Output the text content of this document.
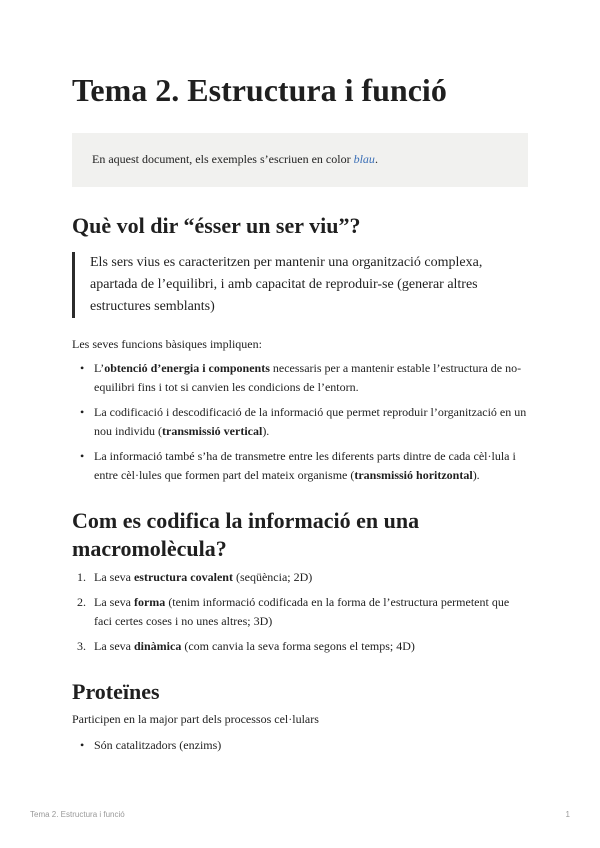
Tema 2. Estructura i funció
En aquest document, els exemples s’escriuen en color blau.
Què vol dir “ésser un ser viu”?
Els sers vius es caracteritzen per mantenir una organització complexa, apartada de l’equilibri, i amb capacitat de reproduir-se (generar altres estructures semblants)

Les seves funcions bàsiques impliquen:

• L’obtenció d’energia i components necessaris per a mantenir estable l’estructura de no-equilibri fins i tot si canvien les condicions de l’entorn.
• La codificació i descodificació de la informació que permet reproduir l’organització en un nou individu (transmissió vertical).
• La informació també s’ha de transmetre entre les diferents parts dintre de cada cèl·lula i entre cèl·lules que formen part del mateix organisme (transmissió horitzontal).
Com es codifica la informació en una macromolècula?
1. La seva estructura covalent (seqüència; 2D)
2. La seva forma (tenim informació codificada en la forma de l’estructura permetent que faci certes coses i no unes altres; 3D)
3. La seva dinàmica (com canvia la seva forma segons el temps; 4D)
Proteïnes

Participen en la major part dels processos cel·lulars

• Són catalitzadors (enzims)
Tema 2. Estructura i funció	1
